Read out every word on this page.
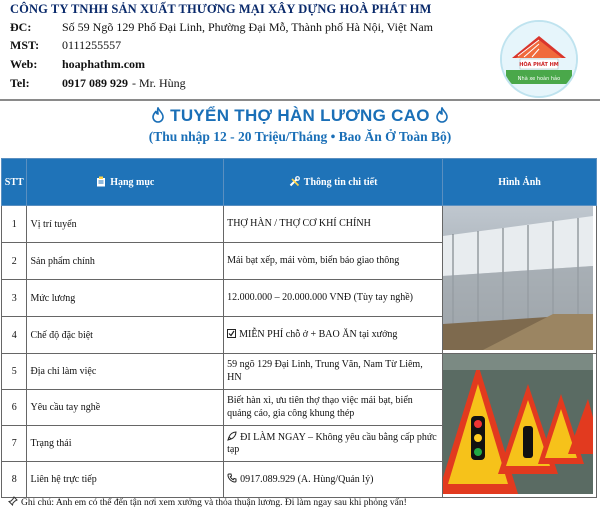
CÔNG TY TNHH SẢN XUẤT THƯƠNG MẠI XÂY DỰNG HOÀ PHÁT HM
ĐC:	Số 59 Ngõ 129 Phố Đại Linh, Phường Đại Mỗ, Thành phố Hà Nội, Việt Nam
MST: 0111255557
Web: hoaphathm.com
Tel:	0917 089 929 - Mr. Hùng
HÒA PHÁT HM
Nhà xe hoàn hảo
TUYỂN THỢ HÀN LƯƠNG CAO
(Thu nhập 12 - 20 Triệu/Tháng • Bao Ăn Ở Toàn Bộ)
STT	Hạng mục	Thông tin chi tiết	Hình Ảnh
1	Vị trí tuyển	THỢ HÀN / THỢ CƠ KHÍ CHÍNH	
2	Sản phẩm chính	Mái bạt xếp, mái vòm, biển báo giao thông	
3	Mức lương	12.000.000 – 20.000.000 VNĐ (Tùy tay nghề)	
4	Chế độ đặc biệt	MIỄN PHÍ chỗ ở + BAO ĂN tại xưởng	
5	Địa chỉ làm việc	59 ngõ 129 Đại Linh, Trung Văn, Nam Từ Liêm, HN	
6	Yêu cầu tay nghề	Biết hàn xì, ưu tiên thợ thạo việc mái bạt, biển quảng cáo, gia công khung thép	
7	Trạng thái	ĐI LÀM NGAY – Không yêu cầu bằng cấp phức tạp	
8	Liên hệ trực tiếp	0917.089.929 (A. Hùng/Quản lý)	
Ghi chú: Anh em có thể đến tận nơi xem xưởng và thỏa thuận lương. Đi làm ngay sau khi phỏng vấn!
